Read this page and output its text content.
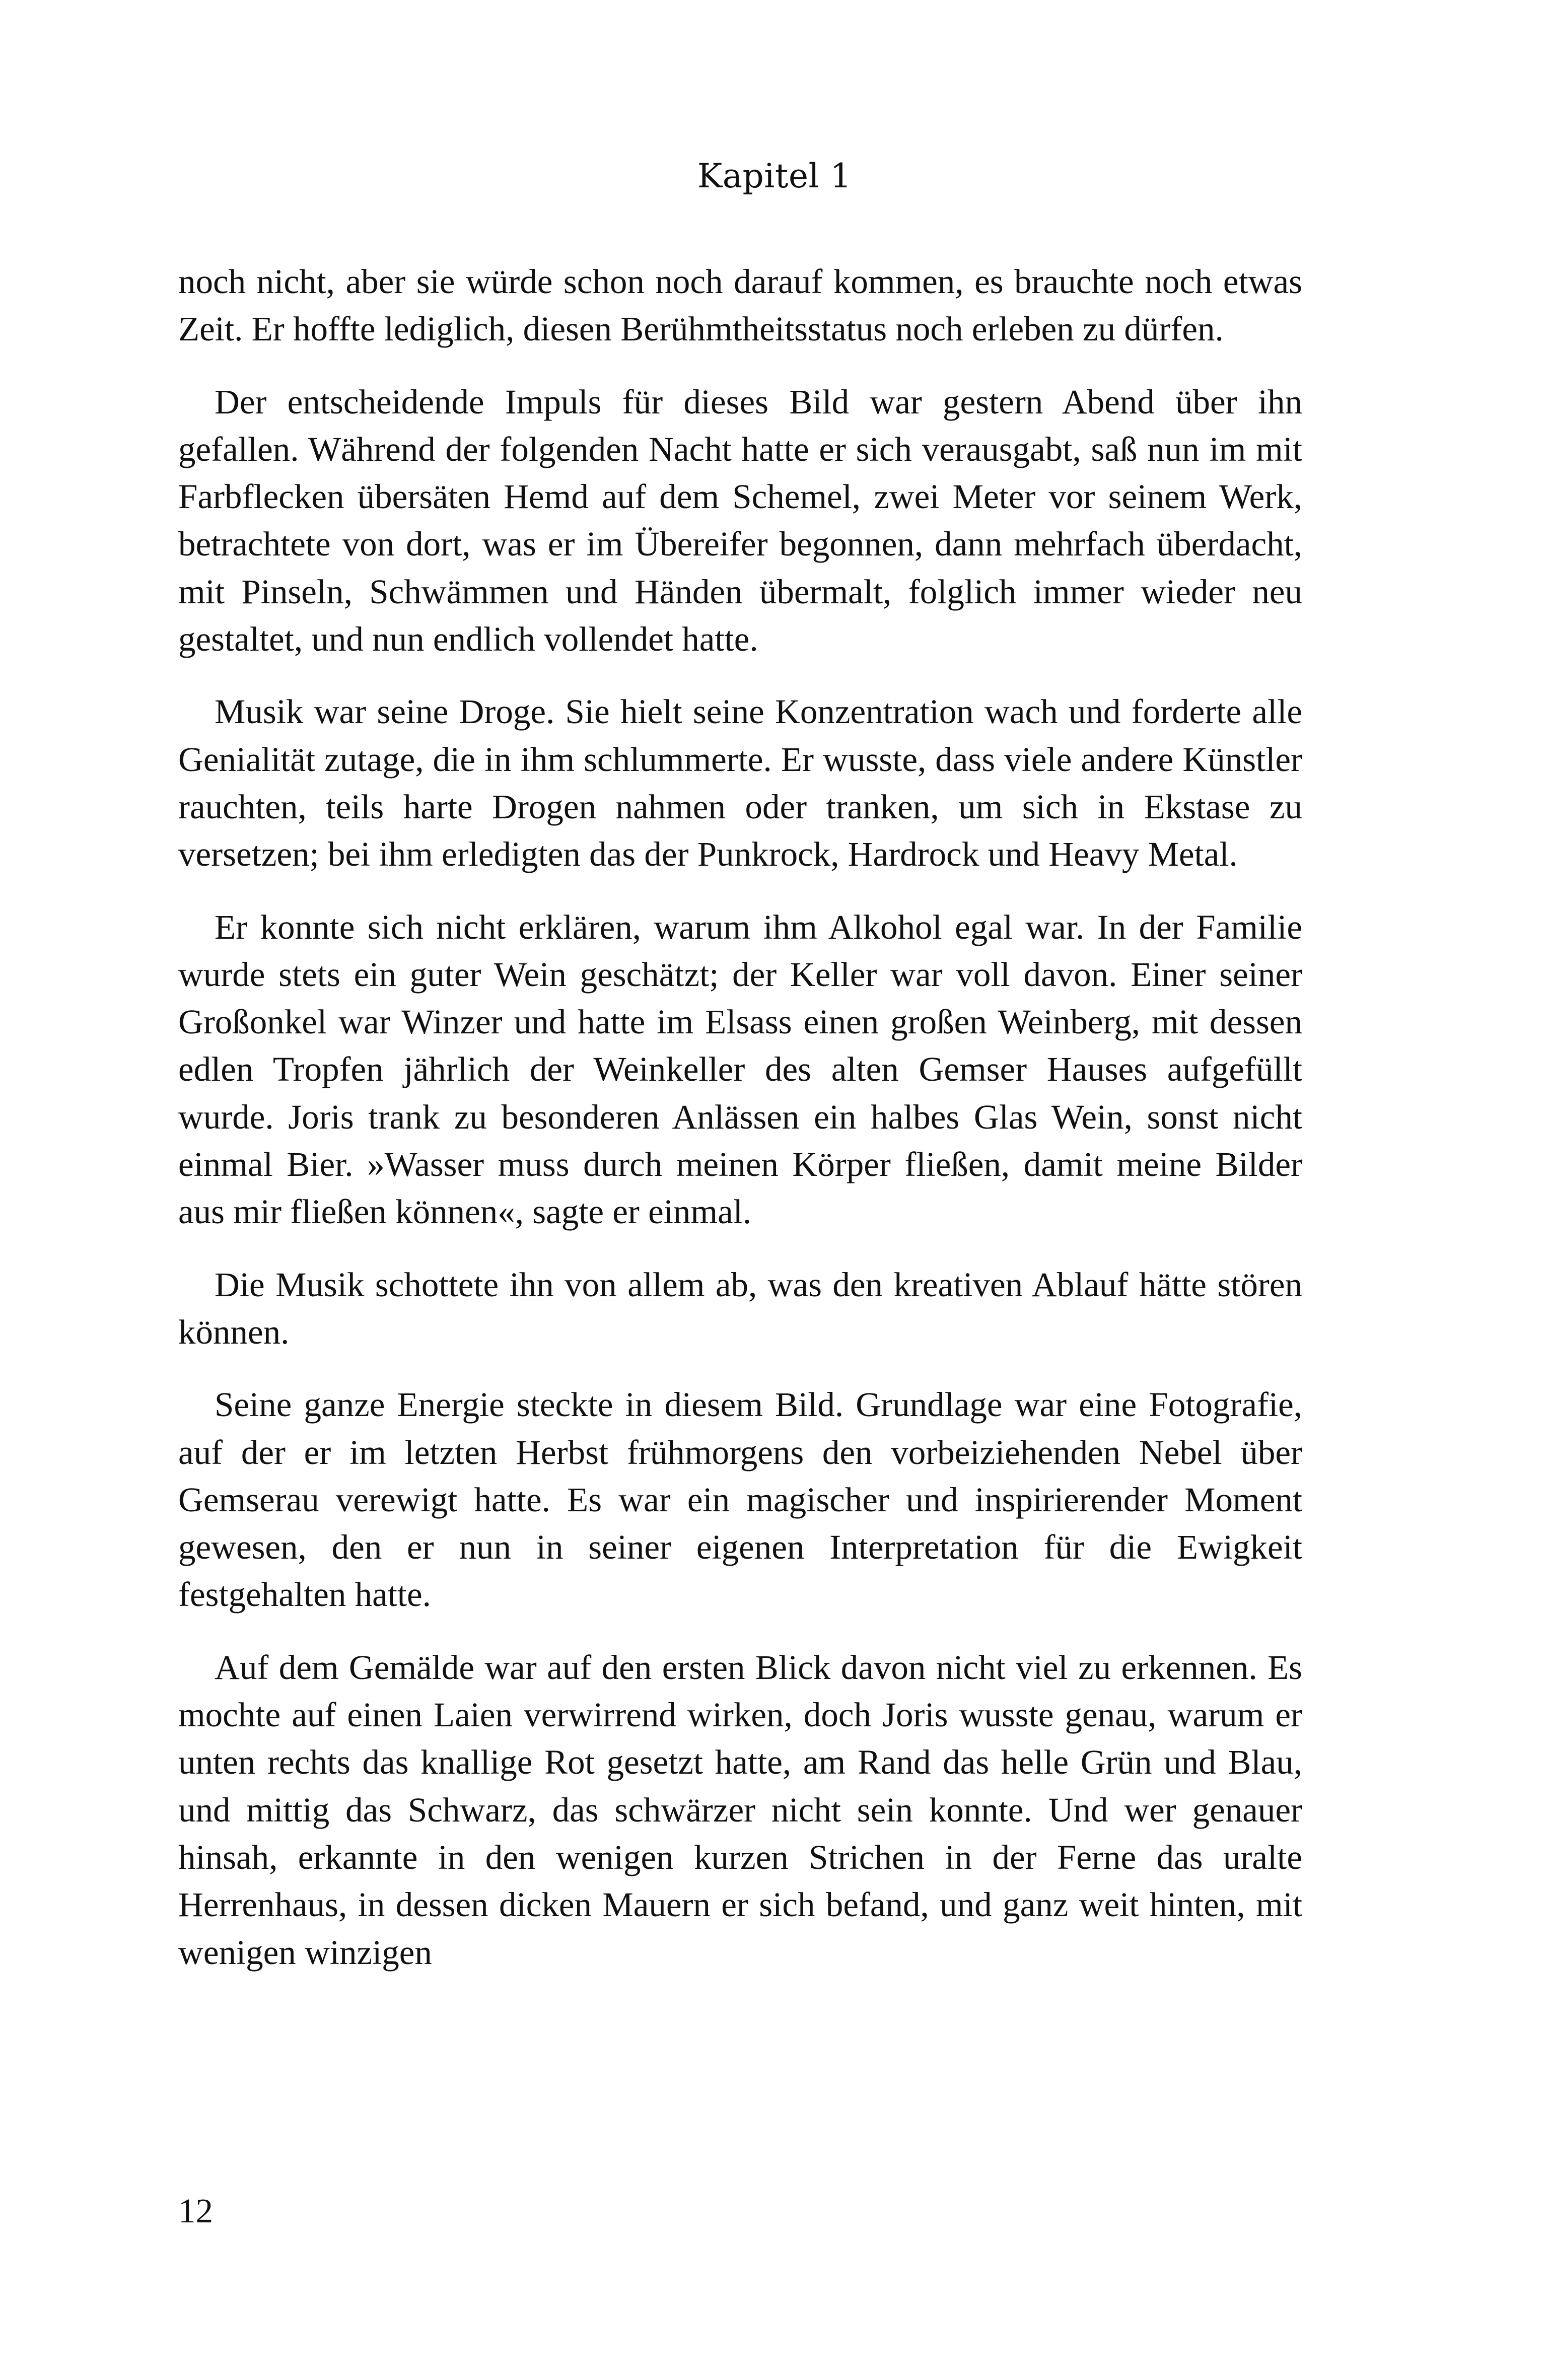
Kapitel 1

noch nicht, aber sie würde schon noch darauf kommen, es brauchte noch etwas Zeit. Er hoffte lediglich, diesen Berühmtheitsstatus noch erleben zu dürfen.

Der entscheidende Impuls für dieses Bild war gestern Abend über ihn gefallen. Während der folgenden Nacht hatte er sich verausgabt, saß nun im mit Farbflecken übersäten Hemd auf dem Schemel, zwei Meter vor seinem Werk, betrachtete von dort, was er im Übereifer begonnen, dann mehrfach überdacht, mit Pinseln, Schwämmen und Händen übermalt, folglich immer wieder neu gestaltet, und nun endlich vollendet hatte.

Musik war seine Droge. Sie hielt seine Konzentration wach und forderte alle Genialität zutage, die in ihm schlummerte. Er wusste, dass viele andere Künstler rauchten, teils harte Drogen nahmen oder tranken, um sich in Ekstase zu versetzen; bei ihm erledigten das der Punkrock, Hardrock und Heavy Metal.

Er konnte sich nicht erklären, warum ihm Alkohol egal war. In der Familie wurde stets ein guter Wein geschätzt; der Keller war voll davon. Einer seiner Großonkel war Winzer und hatte im Elsass einen großen Weinberg, mit dessen edlen Tropfen jährlich der Weinkeller des alten Gemser Hauses aufgefüllt wurde. Joris trank zu besonderen Anlässen ein halbes Glas Wein, sonst nicht einmal Bier. »Wasser muss durch meinen Körper fließen, damit meine Bilder aus mir fließen können«, sagte er einmal.

Die Musik schottete ihn von allem ab, was den kreativen Ablauf hätte stören können.

Seine ganze Energie steckte in diesem Bild. Grundlage war eine Fotografie, auf der er im letzten Herbst frühmorgens den vorbeiziehenden Nebel über Gemserau verewigt hatte. Es war ein magischer und inspirierender Moment gewesen, den er nun in seiner eigenen Interpretation für die Ewigkeit festgehalten hatte.

Auf dem Gemälde war auf den ersten Blick davon nicht viel zu erkennen. Es mochte auf einen Laien verwirrend wirken, doch Joris wusste genau, warum er unten rechts das knallige Rot gesetzt hatte, am Rand das helle Grün und Blau, und mittig das Schwarz, das schwärzer nicht sein konnte. Und wer genauer hinsah, erkannte in den wenigen kurzen Strichen in der Ferne das uralte Herrenhaus, in dessen dicken Mauern er sich befand, und ganz weit hinten, mit wenigen winzigen

12
